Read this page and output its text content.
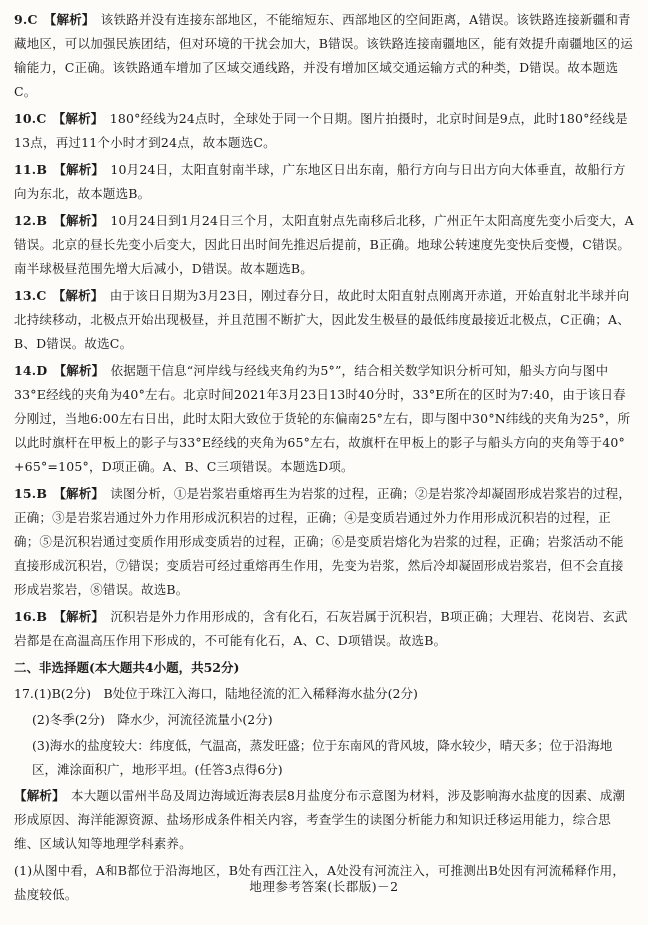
9.C 【解析】 该铁路并没有连接东部地区，不能缩短东、西部地区的空间距离，A错误。该铁路连接新疆和青藏地区，可以加强民族团结，但对环境的干扰会加大，B错误。该铁路连接南疆地区，能有效提升南疆地区的运输能力，C正确。该铁路通车增加了区域交通线路，并没有增加区域交通运输方式的种类，D错误。故本题选C。
10.C 【解析】 180°经线为24点时，全球处于同一个日期。图片拍摄时，北京时间是9点，此时180°经线是13点，再过11个小时才到24点，故本题选C。
11.B 【解析】 10月24日，太阳直射南半球，广东地区日出东南，船行方向与日出方向大体垂直，故船行方向为东北，故本题选B。
12.B 【解析】 10月24日到1月24日三个月，太阳直射点先南移后北移，广州正午太阳高度先变小后变大，A错误。北京的昼长先变小后变大，因此日出时间先推迟后提前，B正确。地球公转速度先变快后变慢，C错误。南半球极昼范围先增大后减小，D错误。故本题选B。
13.C 【解析】 由于该日日期为3月23日，刚过春分日，故此时太阳直射点刚离开赤道，开始直射北半球并向北持续移动，北极点开始出现极昼，并且范围不断扩大，因此发生极昼的最低纬度最接近北极点，C正确；A、B、D错误。故选C。
14.D 【解析】 依据题干信息“河岸线与经线夹角约为5°”，结合相关数学知识分析可知，船头方向与图中33°E经线的夹角为40°左右。北京时间2021年3月23日13时40分时，33°E所在的区时为7:40，由于该日春分刚过，当地6:00左右日出，此时太阳大致位于货轮的东偏南25°左右，即与图中30°N纬线的夹角为25°，所以此时旗杆在甲板上的影子与33°E经线的夹角为65°左右，故旗杆在甲板上的影子与船头方向的夹角等于40°+65°=105°，D项正确。A、B、C三项错误。本题选D项。
15.B 【解析】 读图分析，①是岩浆岩重熔再生为岩浆的过程，正确；②是岩浆冷却凝固形成岩浆岩的过程，正确；③是岩浆岩通过外力作用形成沉积岩的过程，正确；④是变质岩通过外力作用形成沉积岩的过程，正确；⑤是沉积岩通过变质作用形成变质岩的过程，正确；⑥是变质岩熔化为岩浆的过程，正确；岩浆活动不能直接形成沉积岩，⑦错误；变质岩可经过重熔再生作用，先变为岩浆，然后冷却凝固形成岩浆岩，但不会直接形成岩浆岩，⑧错误。故选B。
16.B 【解析】 沉积岩是外力作用形成的，含有化石，石灰岩属于沉积岩，B项正确；大理岩、花岗岩、玄武岩都是在高温高压作用下形成的，不可能有化石，A、C、D项错误。故选B。
二、非选择题(本大题共4小题，共52分)
17.(1)B(2分)　B处位于珠江入海口，陆地径流的汇入稀释海水盐分(2分)
(2)冬季(2分)　降水少，河流径流量小(2分)
(3)海水的盐度较大：纬度低，气温高，蒸发旺盛；位于东南风的背风坡，降水较少，晴天多；位于沿海地区，滩涂面积广，地形平坦。(任答3点得6分)
【解析】 本大题以雷州半岛及周边海域近海表层8月盐度分布示意图为材料，涉及影响海水盐度的因素、成潮形成原因、海洋能源资源、盐场形成条件相关内容，考查学生的读图分析能力和知识迁移运用能力，综合思维、区域认知等地理学科素养。
(1)从图中看，A和B都位于沿海地区，B处有西江注入，A处没有河流注入，可推测出B处因有河流稀释作用，盐度较低。
地理参考答案(长郡版)－2
